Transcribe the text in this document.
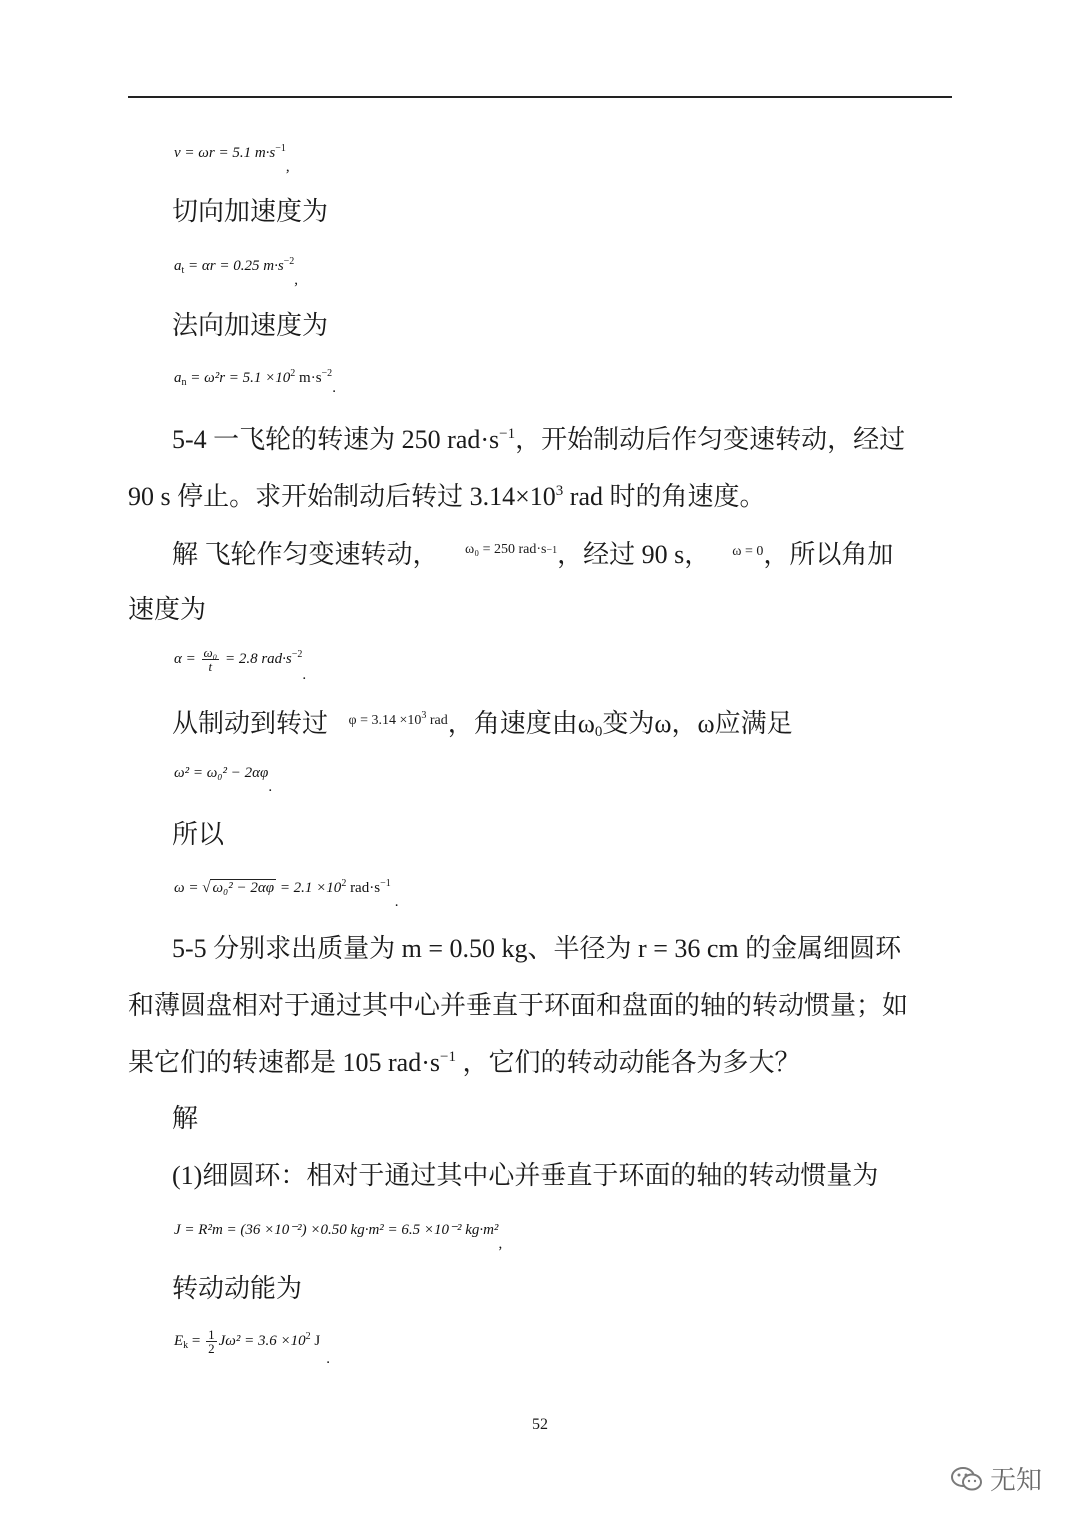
v = ωr = 5.1 $m\cdot s^{-1}$,
切向加速度为
$a_t = \alpha r = 0.25$ $m\cdot s^{-2}$,
法向加速度为
$a_n = \omega^2r = 5.1 \times 10^2$ $m\cdot s^{-2}$.
5-4 一飞轮的转速为 250 $rad\cdot s^{-1}$，开始制动后作匀变速转动，经过
90 s 停止。求开始制动后转过 $3.14\times 10^3$ rad 时的角速度。
解 飞轮作匀变速转动， $^{\omega_0 = 250 rad\cdot s-1}$，经过 90 s， $^{\omega = 0}$，所以角加
速度为
$\alpha = \frac{\text{ω₀}}{t} = 2.8$ $rad\cdot s^{-2}$.
从制动到转过 $^{\varphi = 3.14 \times 103}$ $^{rad}$，角速度由$\omega_0$变为ω，ω应满足
ω² = ω₀² − 2αφ.
所以
ω = √ $\omega_0^2 - 2\alpha\varphi = 2.1 \times 10^2$ $rad\cdot s^{-1}$.
5-5 分别求出质量为 m = 0.50 kg、半径为 r = 36 cm 的金属细圆环
和薄圆盘相对于通过其中心并垂直于环面和盘面的轴的转动惯量；如
果它们的转速都是 105 $rad\cdot s^{-1}$ ，它们的转动动能各为多大？
解
(1)细圆环：相对于通过其中心并垂直于环面的轴的转动惯量为
J = R²m = (36 ×10⁻²) ×0.50 kg·m² = 6.5 ×10⁻² kg·m²,
转动动能为
$E_k = \frac{1}{2} J\omega^2 = 3.6 \times 10^2$ J.
52
无知
